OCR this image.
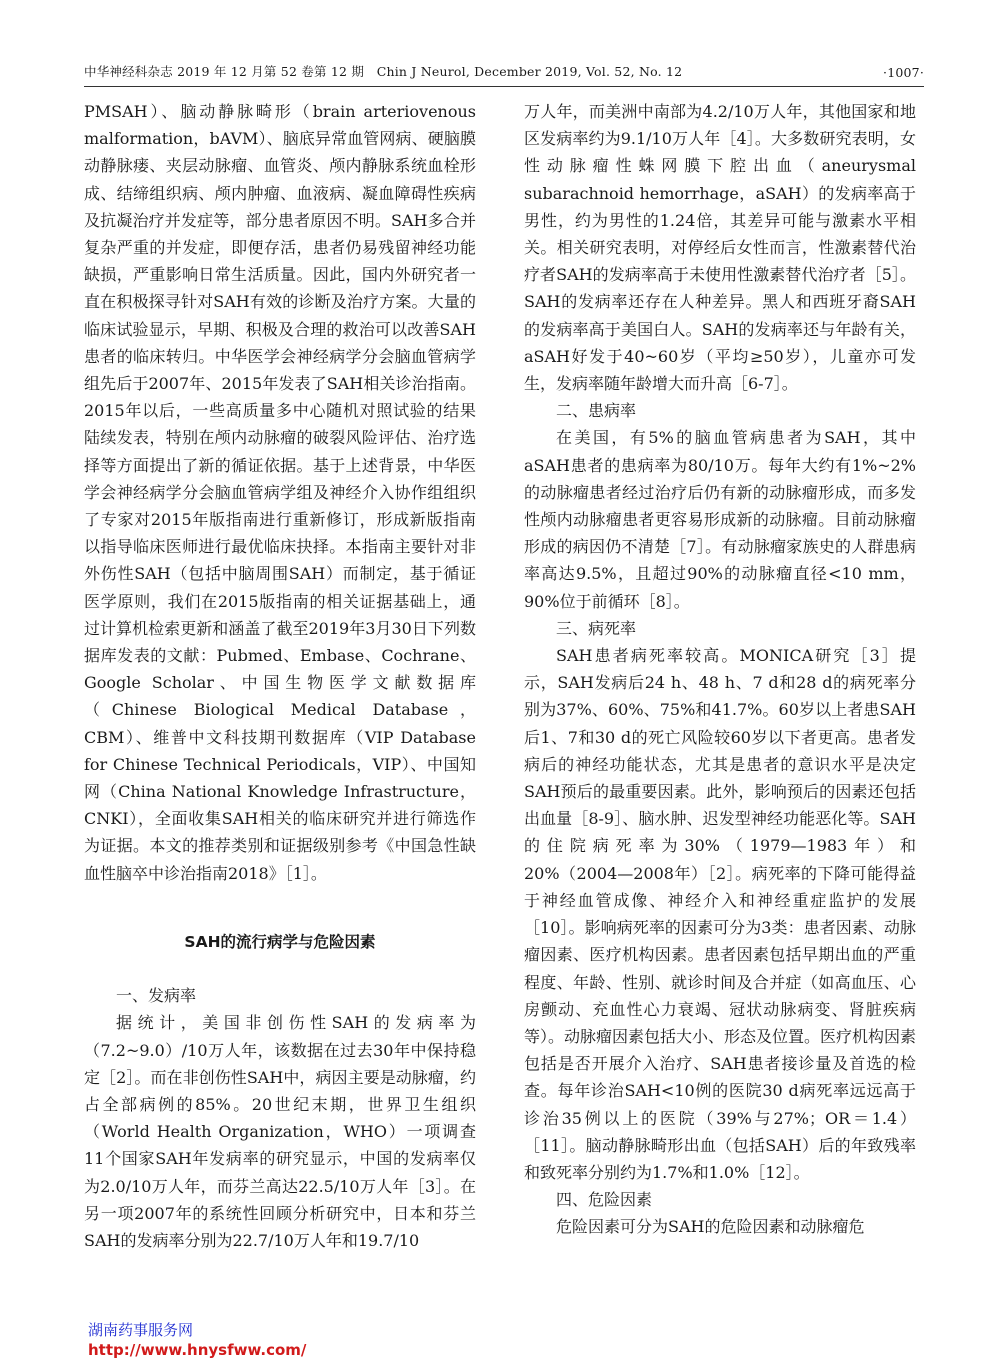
中华神经科杂志 2019 年 12 月第 52 卷第 12 期　Chin J Neurol, December 2019, Vol. 52, No. 12	·1007·

PMSAH）、脑动静脉畸形（brain arteriovenous malformation，bAVM）、脑底异常血管网病、硬脑膜动静脉瘘、夹层动脉瘤、血管炎、颅内静脉系统血栓形成、结缔组织病、颅内肿瘤、血液病、凝血障碍性疾病及抗凝治疗并发症等，部分患者原因不明。SAH多合并复杂严重的并发症，即便存活，患者仍易残留神经功能缺损，严重影响日常生活质量。因此，国内外研究者一直在积极探寻针对SAH有效的诊断及治疗方案。大量的临床试验显示，早期、积极及合理的救治可以改善SAH患者的临床转归。中华医学会神经病学分会脑血管病学组先后于2007年、2015年发表了SAH相关诊治指南。2015年以后，一些高质量多中心随机对照试验的结果陆续发表，特别在颅内动脉瘤的破裂风险评估、治疗选择等方面提出了新的循证依据。基于上述背景，中华医学会神经病学分会脑血管病学组及神经介入协作组组织了专家对2015年版指南进行重新修订，形成新版指南以指导临床医师进行最优临床抉择。本指南主要针对非外伤性SAH（包括中脑周围SAH）而制定，基于循证医学原则，我们在2015版指南的相关证据基础上，通过计算机检索更新和涵盖了截至2019年3月30日下列数据库发表的文献：Pubmed、Embase、Cochrane、Google Scholar、中国生物医学文献数据库（Chinese Biological Medical Database，CBM）、维普中文科技期刊数据库（VIP Database for Chinese Technical Periodicals，VIP）、中国知网（China National Knowledge Infrastructure，CNKI），全面收集SAH相关的临床研究并进行筛选作为证据。本文的推荐类别和证据级别参考《中国急性缺血性脑卒中诊治指南2018》［1］。

SAH的流行病学与危险因素

一、发病率

据统计，美国非创伤性SAH的发病率为（7.2~9.0）/10万人年，该数据在过去30年中保持稳定［2］。而在非创伤性SAH中，病因主要是动脉瘤，约占全部病例的85%。20世纪末期，世界卫生组织（World Health Organization，WHO）一项调查11个国家SAH年发病率的研究显示，中国的发病率仅为2.0/10万人年，而芬兰高达22.5/10万人年［3］。在另一项2007年的系统性回顾分析研究中，日本和芬兰SAH的发病率分别为22.7/10万人年和19.7/10

万人年，而美洲中南部为4.2/10万人年，其他国家和地区发病率约为9.1/10万人年［4］。大多数研究表明，女性动脉瘤性蛛网膜下腔出血（aneurysmal subarachnoid hemorrhage，aSAH）的发病率高于男性，约为男性的1.24倍，其差异可能与激素水平相关。相关研究表明，对停经后女性而言，性激素替代治疗者SAH的发病率高于未使用性激素替代治疗者［5］。SAH的发病率还存在人种差异。黑人和西班牙裔SAH的发病率高于美国白人。SAH的发病率还与年龄有关，aSAH好发于40~60岁（平均≥50岁），儿童亦可发生，发病率随年龄增大而升高［6-7］。

二、患病率

在美国，有5%的脑血管病患者为SAH，其中aSAH患者的患病率为80/10万。每年大约有1%~2%的动脉瘤患者经过治疗后仍有新的动脉瘤形成，而多发性颅内动脉瘤患者更容易形成新的动脉瘤。目前动脉瘤形成的病因仍不清楚［7］。有动脉瘤家族史的人群患病率高达9.5%，且超过90%的动脉瘤直径<10 mm，90%位于前循环［8］。

三、病死率

SAH患者病死率较高。MONICA研究［3］提示，SAH发病后24 h、48 h、7 d和28 d的病死率分别为37%、60%、75%和41.7%。60岁以上者患SAH后1、7和30 d的死亡风险较60岁以下者更高。患者发病后的神经功能状态，尤其是患者的意识水平是决定SAH预后的最重要因素。此外，影响预后的因素还包括出血量［8-9］、脑水肿、迟发型神经功能恶化等。SAH的住院病死率为30%（1979—1983年）和20%（2004—2008年）［2］。病死率的下降可能得益于神经血管成像、神经介入和神经重症监护的发展［10］。影响病死率的因素可分为3类：患者因素、动脉瘤因素、医疗机构因素。患者因素包括早期出血的严重程度、年龄、性别、就诊时间及合并症（如高血压、心房颤动、充血性心力衰竭、冠状动脉病变、肾脏疾病等）。动脉瘤因素包括大小、形态及位置。医疗机构因素包括是否开展介入治疗、SAH患者接诊量及首选的检查。每年诊治SAH<10例的医院30 d病死率远远高于诊治35例以上的医院（39%与27%；OR＝1.4）［11］。脑动静脉畸形出血（包括SAH）后的年致残率和致死率分别约为1.7%和1.0%［12］。

四、危险因素

危险因素可分为SAH的危险因素和动脉瘤危

湖南药事服务网
http://www.hnysfww.com/
